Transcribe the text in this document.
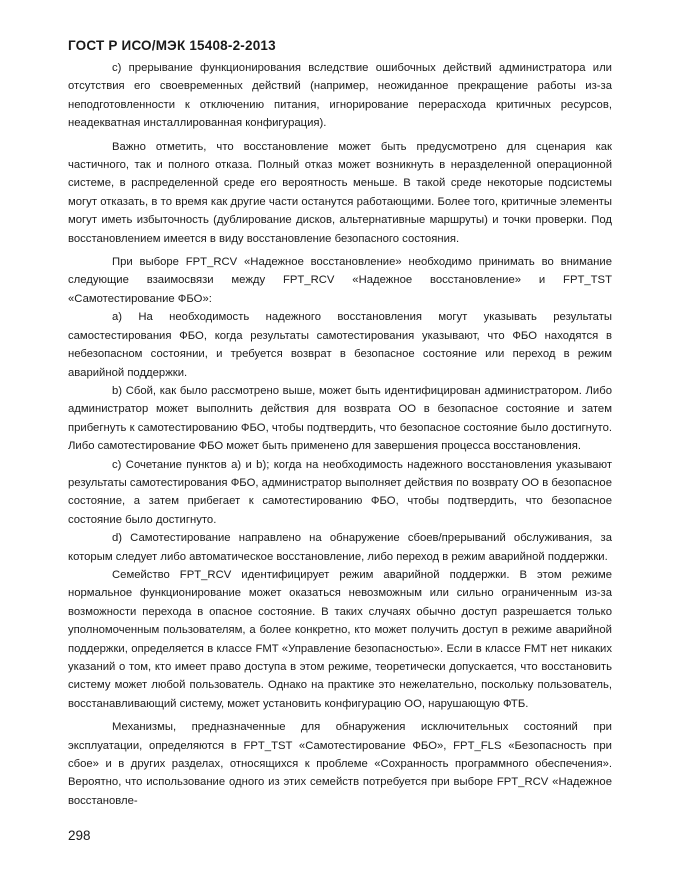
ГОСТ Р ИСО/МЭК 15408-2-2013

c) прерывание функционирования вследствие ошибочных действий администратора или отсутствия его своевременных действий (например, неожиданное прекращение работы из-за неподготовленности к отключению питания, игнорирование перерасхода критичных ресурсов, неадекватная инсталлированная конфигурация).

Важно отметить, что восстановление может быть предусмотрено для сценария как частичного, так и полного отказа. Полный отказ может возникнуть в неразделенной операционной системе, в распределенной среде его вероятность меньше. В такой среде некоторые подсистемы могут отказать, в то время как другие части останутся работающими. Более того, критичные элементы могут иметь избыточность (дублирование дисков, альтернативные маршруты) и точки проверки. Под восстановлением имеется в виду восстановление безопасного состояния.

При выборе FPT_RCV «Надежное восстановление» необходимо принимать во внимание следующие взаимосвязи между FPT_RCV «Надежное восстановление» и FPT_TST «Самотестирование ФБО»:

a) На необходимость надежного восстановления могут указывать результаты самостестирования ФБО, когда результаты самотестирования указывают, что ФБО находятся в небезопасном состоянии, и требуется возврат в безопасное состояние или переход в режим аварийной поддержки.

b) Сбой, как было рассмотрено выше, может быть идентифицирован администратором. Либо администратор может выполнить действия для возврата ОО в безопасное состояние и затем прибегнуть к самотестированию ФБО, чтобы подтвердить, что безопасное состояние было достигнуто. Либо самотестирование ФБО может быть применено для завершения процесса восстановления.

c) Сочетание пунктов a) и b); когда на необходимость надежного восстановления указывают результаты самотестирования ФБО, администратор выполняет действия по возврату ОО в безопасное состояние, а затем прибегает к самотестированию ФБО, чтобы подтвердить, что безопасное состояние было достигнуто.

d) Самотестирование направлено на обнаружение сбоев/прерываний обслуживания, за которым следует либо автоматическое восстановление, либо переход в режим аварийной поддержки.

Семейство FPT_RCV идентифицирует режим аварийной поддержки. В этом режиме нормальное функционирование может оказаться невозможным или сильно ограниченным из-за возможности перехода в опасное состояние. В таких случаях обычно доступ разрешается только уполномоченным пользователям, а более конкретно, кто может получить доступ в режиме аварийной поддержки, определяется в классе FMT «Управление безопасностью». Если в классе FMT нет никаких указаний о том, кто имеет право доступа в этом режиме, теоретически допускается, что восстановить систему может любой пользователь. Однако на практике это нежелательно, поскольку пользователь, восстанавливающий систему, может установить конфигурацию ОО, нарушающую ФТБ.

Механизмы, предназначенные для обнаружения исключительных состояний при эксплуатации, определяются в FPT_TST «Самотестирование ФБО», FPT_FLS «Безопасность при сбое» и в других разделах, относящихся к проблеме «Сохранность программного обеспечения». Вероятно, что использование одного из этих семейств потребуется при выборе FPT_RCV «Надежное восстановле-

298
